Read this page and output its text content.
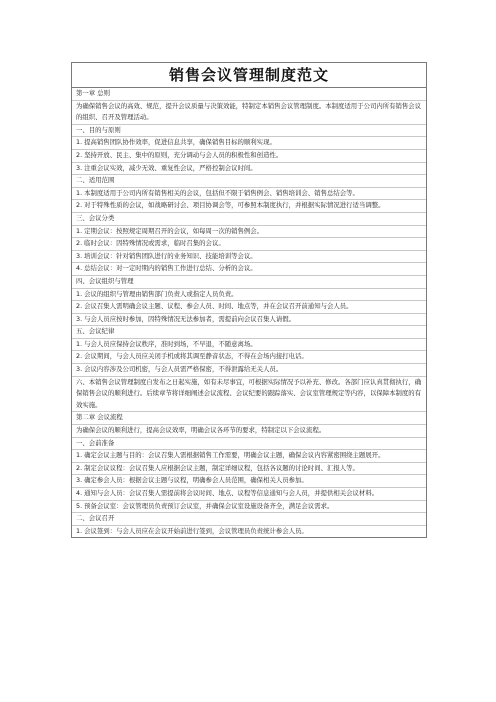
销售会议管理制度范文
第一章 总则
为确保销售会议的高效、规范，提升会议质量与决策效能，特制定本销售会议管理制度。本制度适用于公司内所有销售会议的组织、召开及管理活动。
一、目的与原则
1. 提高销售团队协作效率，促进信息共享，确保销售目标的顺利实现。
2. 坚持开放、民主、集中的原则，充分调动与会人员的积极性和创造性。
3. 注重会议实效，减少无效、重复性会议，严格控制会议时间。
二、适用范围
1. 本制度适用于公司内所有销售相关的会议，包括但不限于销售例会、销售培训会、销售总结会等。
2. 对于特殊性质的会议，如战略研讨会、项目协调会等，可参照本制度执行，并根据实际情况进行适当调整。
三、会议分类
1. 定期会议：按照规定周期召开的会议，如每周一次的销售例会。
2. 临时会议：因特殊情况或需求，临时召集的会议。
3. 培训会议：针对销售团队进行的业务知识、技能培训等会议。
4. 总结会议：对一定时期内的销售工作进行总结、分析的会议。
四、会议组织与管理
1. 会议的组织与管理由销售部门负责人或指定人员负责。
2. 会议召集人需明确会议主题、议程、参会人员、时间、地点等，并在会议召开前通知与会人员。
3. 与会人员应按时参加，因特殊情况无法参加者，需提前向会议召集人请假。
五、会议纪律
1. 与会人员应保持会议秩序，准时到场，不早退，不随意离场。
2. 会议期间，与会人员应关闭手机或将其调至静音状态，不得在会场内接打电话。
3. 会议内容涉及公司机密，与会人员需严格保密，不得泄露给无关人员。
六、本销售会议管理制度自发布之日起实施，如有未尽事宜，可根据实际情况予以补充、修改。各部门应认真贯彻执行，确保销售会议的顺利进行。后续章节将详细阐述会议流程、会议纪要的跟踪落实、会议室管理规定等内容，以保障本制度的有效实施。
第二章 会议流程
为确保会议的顺利进行，提高会议效率，明确会议各环节的要求，特制定以下会议流程。
一、会前准备
1. 确定会议主题与目的：会议召集人需根据销售工作需要，明确会议主题，确保会议内容紧密围绕主题展开。
2. 制定会议议程：会议召集人应根据会议主题，制定详细议程，包括各议题的讨论时间、汇报人等。
3. 确定参会人员：根据会议主题与议程，明确参会人员范围，确保相关人员参加。
4. 通知与会人员：会议召集人需提前将会议时间、地点、议程等信息通知与会人员，并提供相关会议材料。
5. 预备会议室：会议管理员负责预订会议室，并确保会议室设施设备齐全，满足会议需求。
二、会议召开
1. 会议签到：与会人员应在会议开始前进行签到，会议管理员负责统计参会人员。
